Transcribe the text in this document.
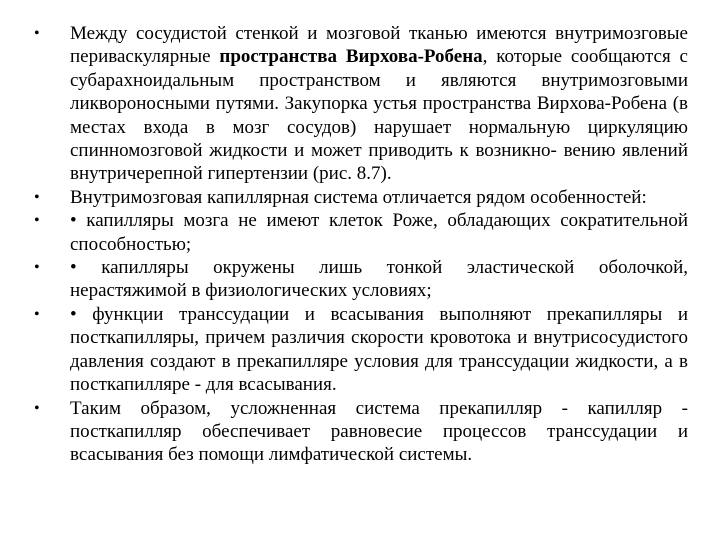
•	Между сосудистой стенкой и мозговой тканью имеются внутримозговые периваскулярные пространства Вирхова-Робена, которые сообщаются с субарахноидальным пространством и являются внутримозговыми ликвороносными путями. Закупорка устья пространства Вирхова-Робена (в местах входа в мозг сосудов) нарушает нормальную циркуляцию спинномозговой жидкости и может приводить к возникно- вению явлений внутричерепной гипертензии (рис. 8.7).
•	Внутримозговая капиллярная система отличается рядом особенностей:
•	• капилляры мозга не имеют клеток Роже, обладающих сократительной способностью;
•	• капилляры окружены лишь тонкой эластической оболочкой, нерастяжимой в физиологических условиях;
•	• функции транссудации и всасывания выполняют прекапилляры и посткапилляры, причем различия скорости кровотока и внутрисосудистого давления создают в прекапилляре условия для транссудации жидкости, а в посткапилляре - для всасывания.
•	Таким образом, усложненная система прекапилляр - капилляр - посткапилляр обеспечивает равновесие процессов транссудации и всасывания без помощи лимфатической системы.
